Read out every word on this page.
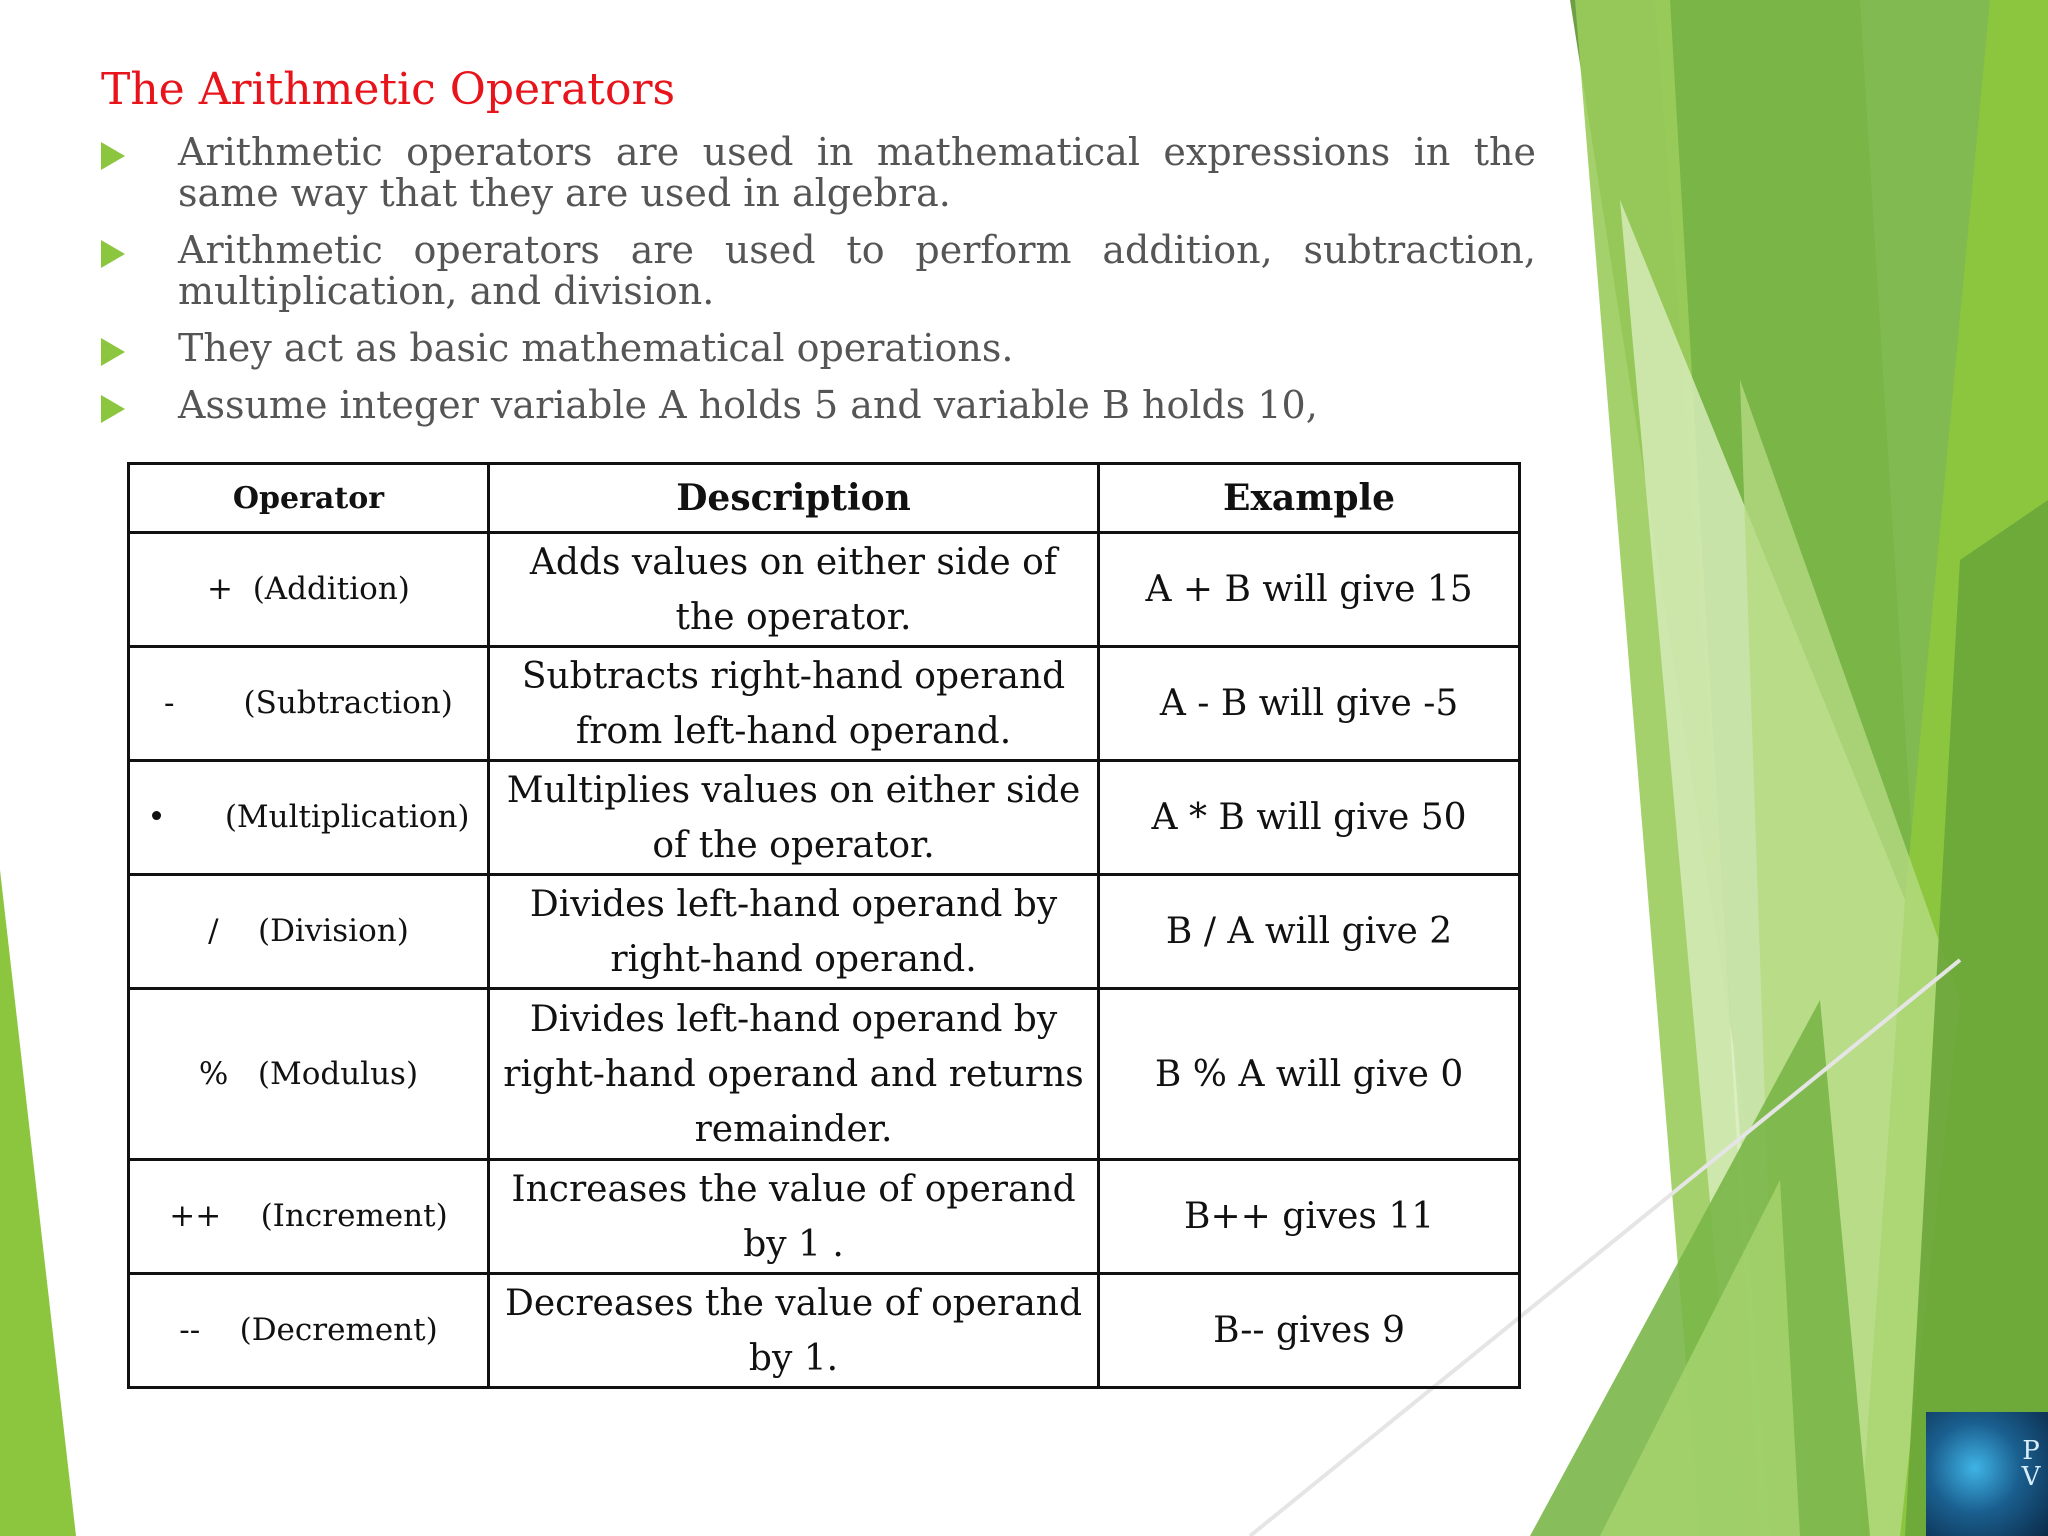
The Arithmetic Operators
Arithmetic operators are used in mathematical expressions in the same way that they are used in algebra.
Arithmetic operators are used to perform addition, subtraction, multiplication, and division.
They act as basic mathematical operations.
Assume integer variable A holds 5 and variable B holds 10,
Operator	Description	Example
+  (Addition)	Adds values on either side of the operator.	A + B will give 15
-       (Subtraction)	Subtracts right-hand operand from left-hand operand.	A - B will give -5
•      (Multiplication)	Multiplies values on either side of the operator.	A * B will give 50
/    (Division)	Divides left-hand operand by right-hand operand.	B / A will give 2
%   (Modulus)	Divides left-hand operand by right-hand operand and returns remainder.	B % A will give 0
++    (Increment)	Increases the value of operand by 1 .	B++ gives 11
--    (Decrement)	Decreases the value of operand by 1.	B-- gives 9
PV
